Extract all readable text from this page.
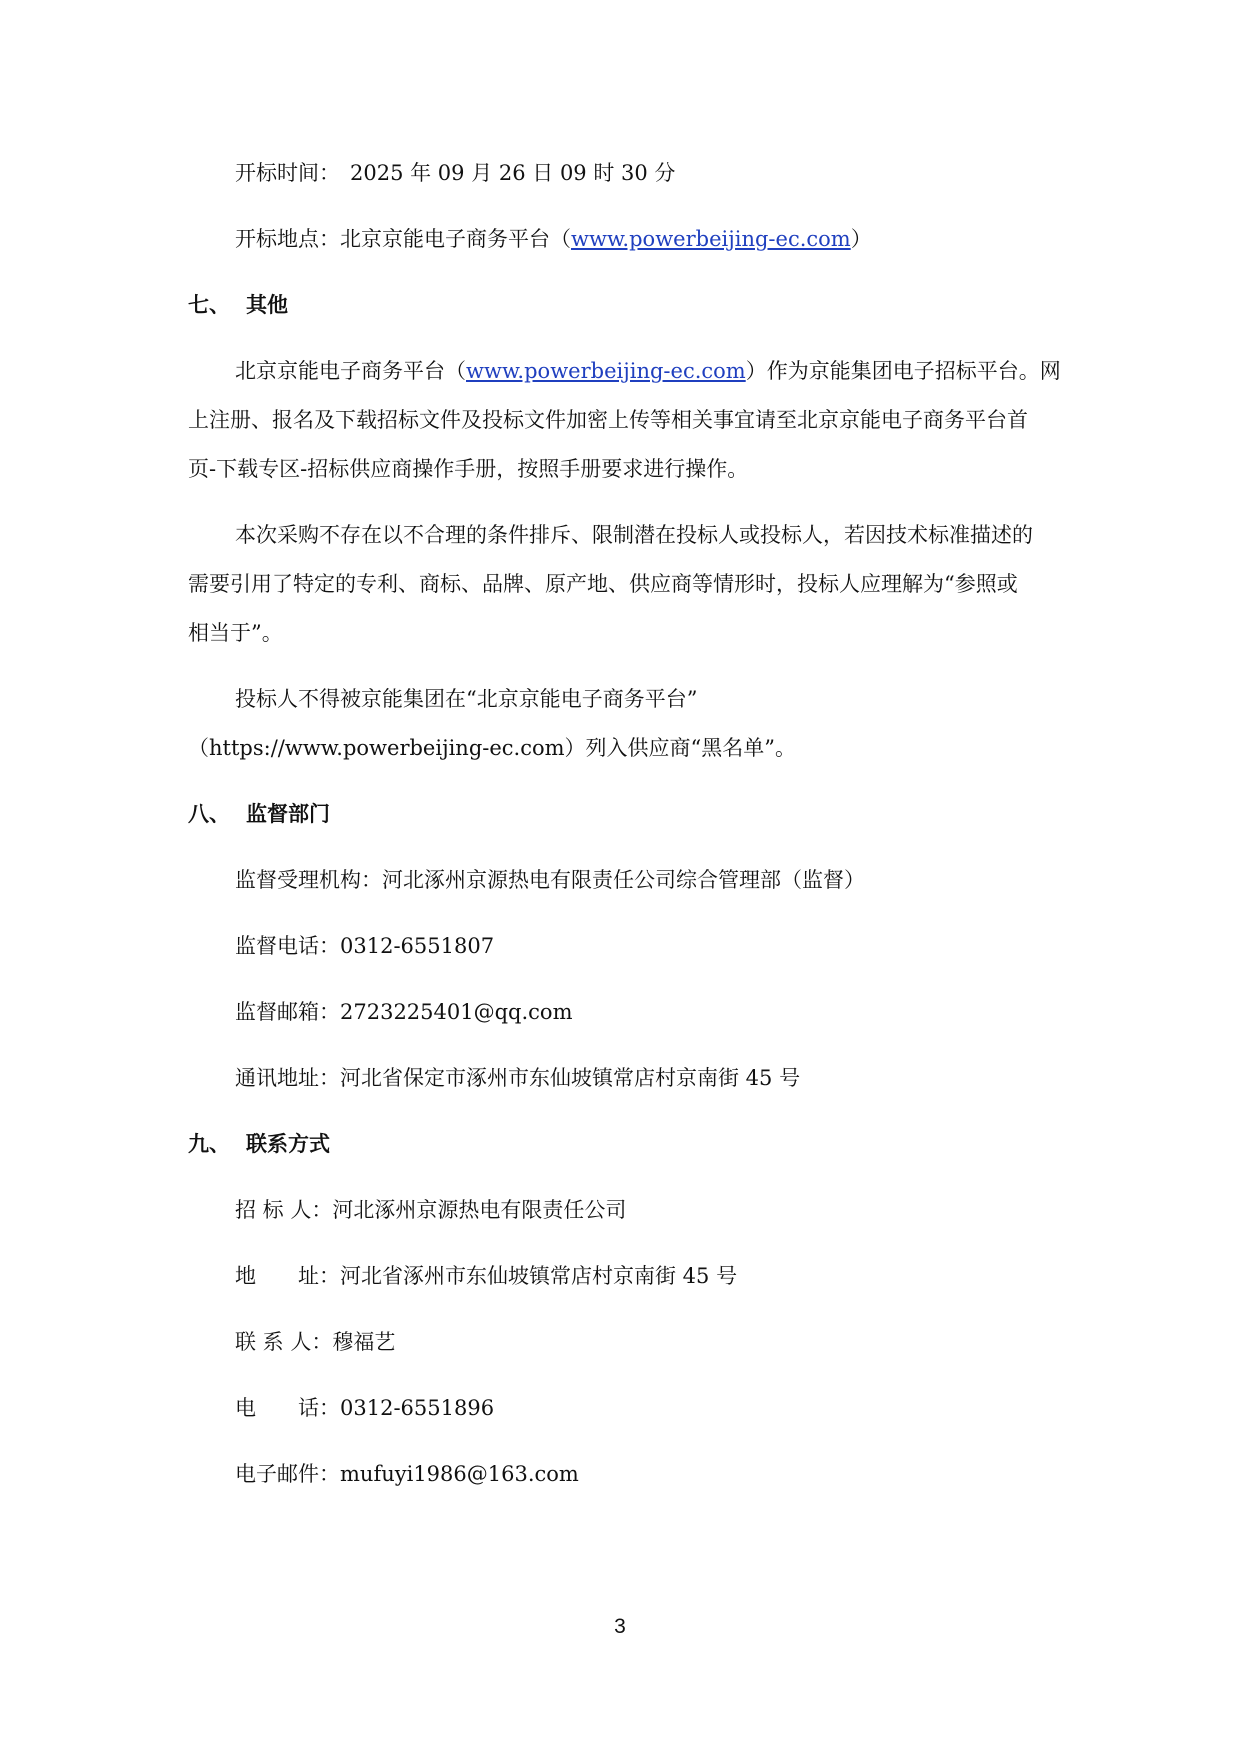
开标时间： 2025 年 09 月 26 日 09 时 30 分
开标地点：北京京能电子商务平台（www.powerbeijing-ec.com）
七、 其他
北京京能电子商务平台（www.powerbeijing-ec.com）作为京能集团电子招标平台。网
上注册、报名及下载招标文件及投标文件加密上传等相关事宜请至北京京能电子商务平台首
页-下载专区-招标供应商操作手册，按照手册要求进行操作。
本次采购不存在以不合理的条件排斥、限制潜在投标人或投标人，若因技术标准描述的
需要引用了特定的专利、商标、品牌、原产地、供应商等情形时，投标人应理解为“参照或
相当于”。
投标人不得被京能集团在“北京京能电子商务平台”
（https://www.powerbeijing-ec.com）列入供应商“黑名单”。
八、 监督部门
监督受理机构：河北涿州京源热电有限责任公司综合管理部（监督）
监督电话：0312-6551807
监督邮箱：2723225401@qq.com
通讯地址：河北省保定市涿州市东仙坡镇常店村京南街 45 号
九、 联系方式
招 标 人：河北涿州京源热电有限责任公司
地　　址：河北省涿州市东仙坡镇常店村京南街 45 号
联 系 人：穆福艺
电　　话：0312-6551896
电子邮件：mufuyi1986@163.com
3
